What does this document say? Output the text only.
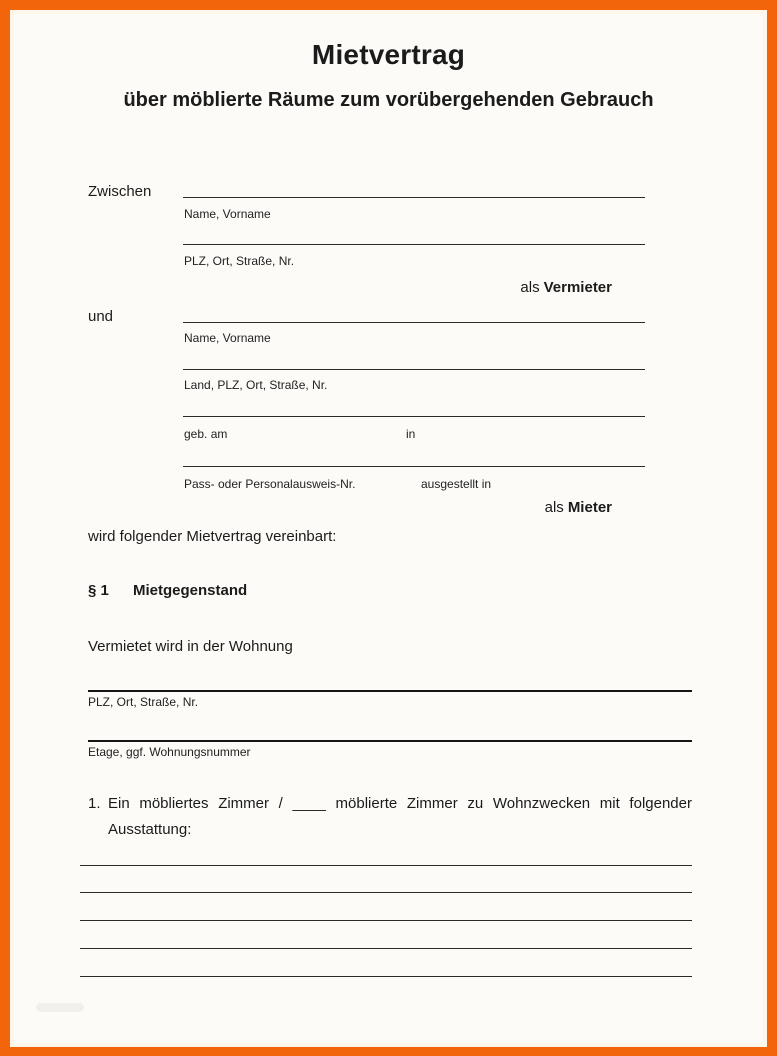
Mietvertrag
über möblierte Räume zum vorübergehenden Gebrauch
Zwischen
Name, Vorname
PLZ, Ort, Straße, Nr.
als Vermieter
und
Name, Vorname
Land, PLZ, Ort, Straße, Nr.
geb. am	in
Pass- oder Personalausweis-Nr.	ausgestellt in
als Mieter
wird folgender Mietvertrag vereinbart:
§ 1 Mietgegenstand
Vermietet wird in der Wohnung
PLZ, Ort, Straße, Nr.
Etage, ggf. Wohnungsnummer
1. Ein möbliertes Zimmer / ____ möblierte Zimmer zu Wohnzwecken mit folgender
Ausstattung:
